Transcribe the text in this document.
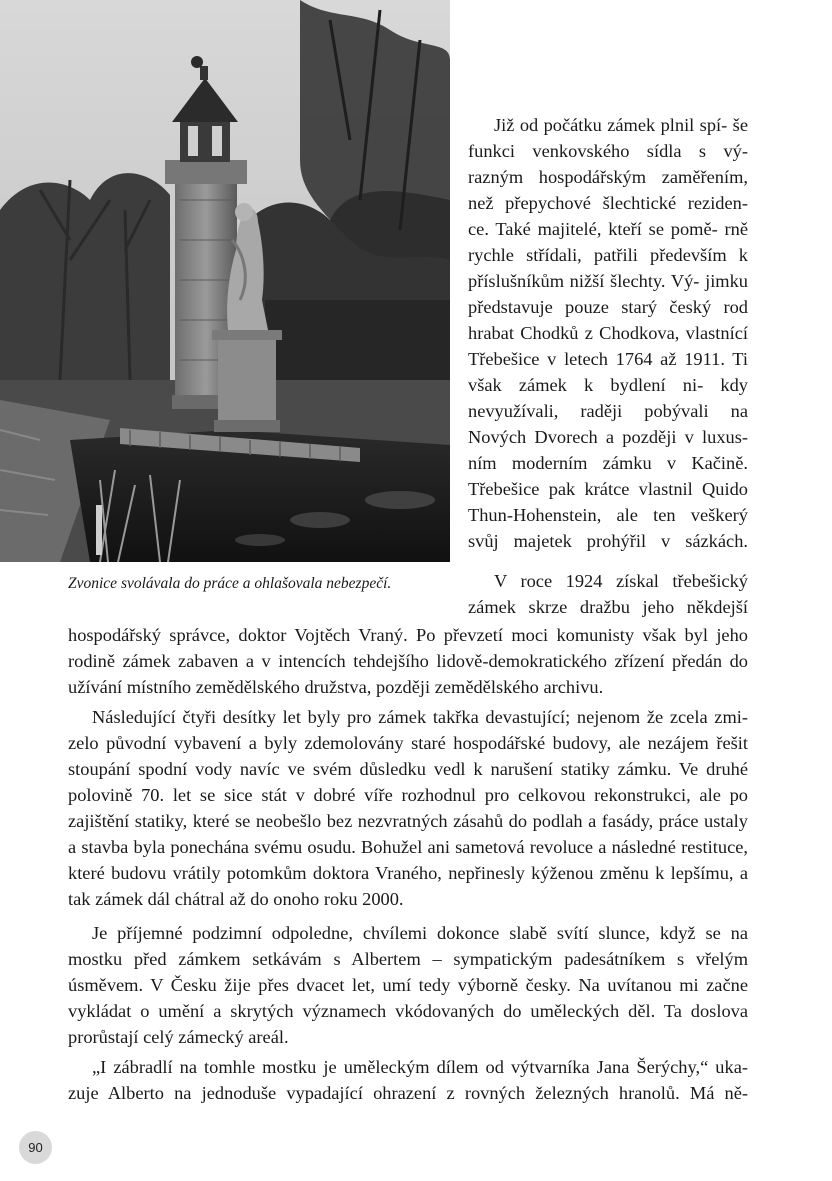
Zvonice svolávala do práce a ohlašovala nebezpečí.

Již od počátku zámek plnil spí- še funkci venkovského sídla s vý- razným hospodářským zaměřením, než přepychové šlechtické reziden- ce. Také majitelé, kteří se pomě- rně rychle střídali, patřili především k příslušníkům nižší šlechty. Vý- jimku představuje pouze starý český rod hrabat Chodků z Chodkova, vlastnící Třebešice v letech 1764 až 1911. Ti však zámek k bydlení ni- kdy nevyužívali, raději pobývali na Nových Dvorech a později v luxus- ním moderním zámku v Kačině. Třebešice pak krátce vlastnil Quido Thun-Hohenstein, ale ten veškerý svůj majetek prohýřil v sázkách.

V roce 1924 získal třebešický zámek skrze dražbu jeho někdejší

hospodářský správce, doktor Vojtěch Vraný. Po převzetí moci komunisty však byl jeho rodině zámek zabaven a v intencích tehdejšího lidově-demokratického zřízení předán do užívání místního zemědělského družstva, později zemědělského archivu.

Následující čtyři desítky let byly pro zámek takřka devastující; nejenom že zcela zmi- zelo původní vybavení a byly zdemolovány staré hospodářské budovy, ale nezájem řešit stoupání spodní vody navíc ve svém důsledku vedl k narušení statiky zámku. Ve druhé polovině 70. let se sice stát v dobré víře rozhodnul pro celkovou rekonstrukci, ale po zajištění statiky, které se neobešlo bez nezvratných zásahů do podlah a fasády, práce ustaly a stavba byla ponechána svému osudu. Bohužel ani sametová revoluce a následné restituce, které budovu vrátily potomkům doktora Vraného, nepřinesly kýženou změnu k lepšímu, a tak zámek dál chátral až do onoho roku 2000.

Je příjemné podzimní odpoledne, chvílemi dokonce slabě svítí slunce, když se na mostku před zámkem setkávám s Albertem – sympatickým padesátníkem s vřelým úsměvem. V Česku žije přes dvacet let, umí tedy výborně česky. Na uvítanou mi začne vykládat o umění a skrytých významech vkódovaných do uměleckých děl. Ta doslova prorůstají celý zámecký areál.

„I zábradlí na tomhle mostku je uměleckým dílem od výtvarníka Jana Šerýchy,“ uka- zuje Alberto na jednoduše vypadající ohrazení z rovných železných hranolů. Má ně-

90
